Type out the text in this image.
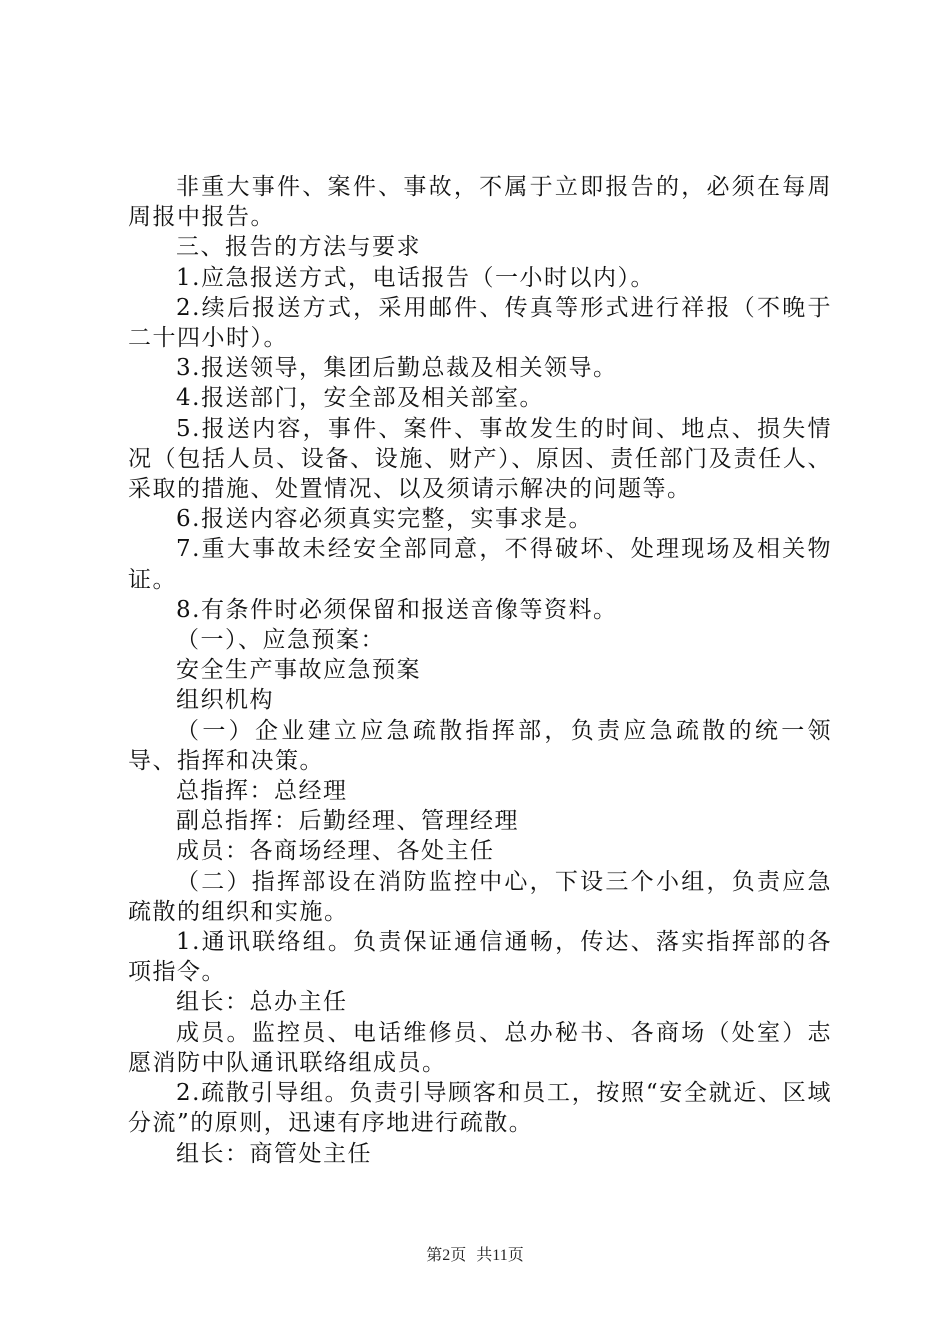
非重大事件、案件、事故，不属于立即报告的，必须在每周周报中报告。

三、报告的方法与要求

1.应急报送方式，电话报告（一小时以内）。

2.续后报送方式，采用邮件、传真等形式进行祥报（不晚于二十四小时）。

3.报送领导，集团后勤总裁及相关领导。

4.报送部门，安全部及相关部室。

5.报送内容，事件、案件、事故发生的时间、地点、损失情况（包括人员、设备、设施、财产）、原因、责任部门及责任人、采取的措施、处置情况、以及须请示解决的问题等。

6.报送内容必须真实完整，实事求是。

7.重大事故未经安全部同意，不得破坏、处理现场及相关物证。

8.有条件时必须保留和报送音像等资料。

（一）、应急预案：

安全生产事故应急预案

组织机构

（一）企业建立应急疏散指挥部，负责应急疏散的统一领导、指挥和决策。

总指挥：总经理

副总指挥：后勤经理、管理经理

成员：各商场经理、各处主任

（二）指挥部设在消防监控中心，下设三个小组，负责应急疏散的组织和实施。

1.通讯联络组。负责保证通信通畅，传达、落实指挥部的各项指令。

组长：总办主任

成员。监控员、电话维修员、总办秘书、各商场（处室）志愿消防中队通讯联络组成员。

2.疏散引导组。负责引导顾客和员工，按照“安全就近、区域分流”的原则，迅速有序地进行疏散。

组长：商管处主任

第2页 共11页
